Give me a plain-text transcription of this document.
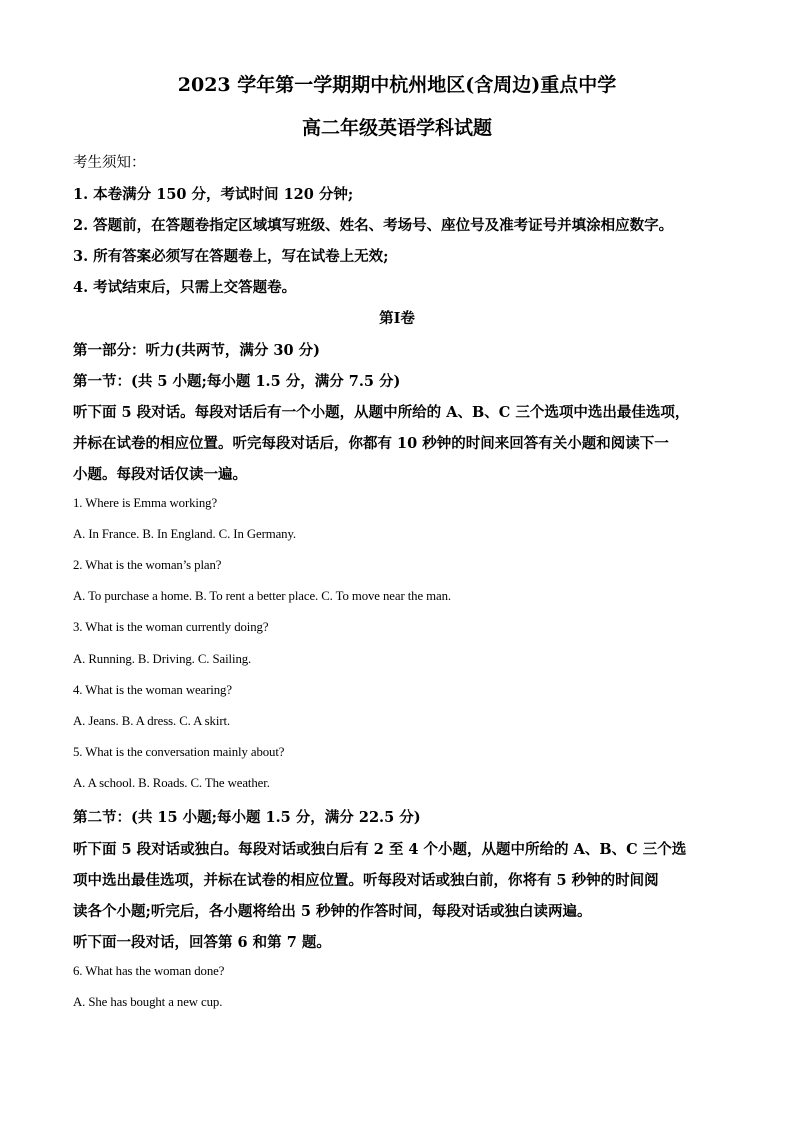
2023 学年第一学期期中杭州地区(含周边)重点中学
高二年级英语学科试题
考生须知：
1. 本卷满分 150 分，考试时间 120 分钟;
2. 答题前，在答题卷指定区域填写班级、姓名、考场号、座位号及准考证号并填涂相应数字。
3. 所有答案必须写在答题卷上，写在试卷上无效;
4. 考试结束后，只需上交答题卷。
第Ⅰ卷
第一部分：听力(共两节，满分 30 分)
第一节：(共 5 小题;每小题 1.5 分，满分 7.5 分)
听下面 5 段对话。每段对话后有一个小题，从题中所给的 A、B、C 三个选项中选出最佳选项，
并标在试卷的相应位置。听完每段对话后，你都有 10 秒钟的时间来回答有关小题和阅读下一
小题。每段对话仅读一遍。
1. Where is Emma working?
A. In France. B. In England. C. In Germany.
2. What is the woman’s plan?
A. To purchase a home. B. To rent a better place. C. To move near the man.
3. What is the woman currently doing?
A. Running. B. Driving. C. Sailing.
4. What is the woman wearing?
A. Jeans. B. A dress. C. A skirt.
5. What is the conversation mainly about?
A. A school. B. Roads. C. The weather.
第二节：(共 15 小题;每小题 1.5 分，满分 22.5 分)
听下面 5 段对话或独白。每段对话或独白后有 2 至 4 个小题，从题中所给的 A、B、C 三个选
项中选出最佳选项，并标在试卷的相应位置。听每段对话或独白前，你将有 5 秒钟的时间阅
读各个小题;听完后，各小题将给出 5 秒钟的作答时间，每段对话或独白读两遍。
听下面一段对话，回答第 6 和第 7 题。
6. What has the woman done?
A. She has bought a new cup.
